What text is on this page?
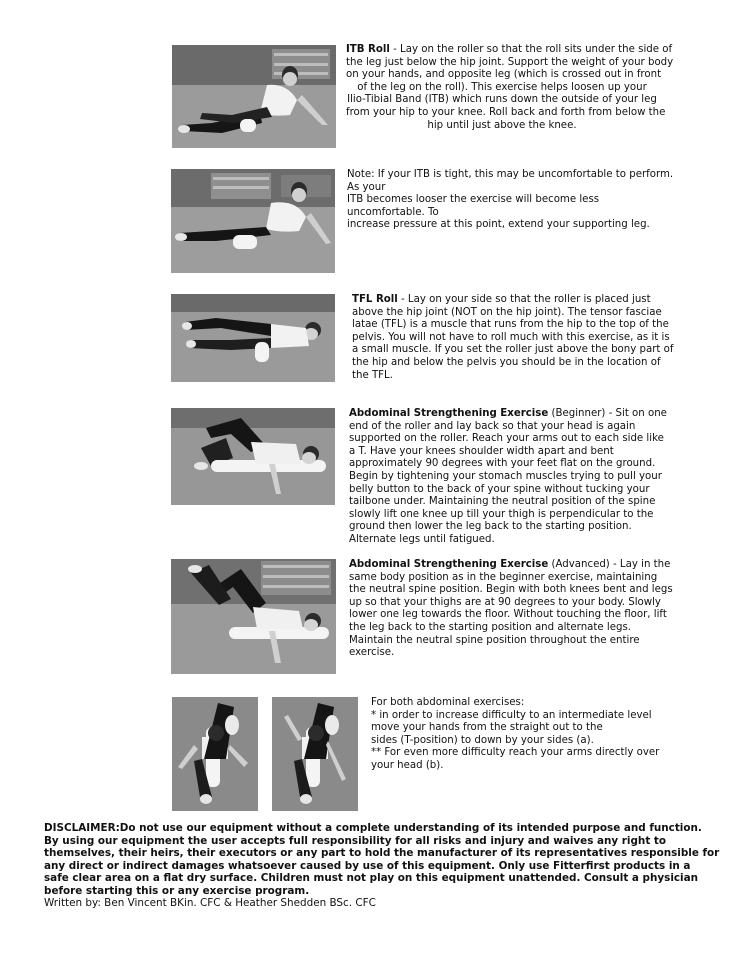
ITB Roll - Lay on the roller so that the roll sits under the side of
the leg just below the hip joint. Support the weight of your body
on your hands, and opposite leg (which is crossed out in front
of the leg on the roll). This exercise helps loosen up your
Ilio-Tibial Band (ITB) which runs down the outside of your leg
from your hip to your knee. Roll back and forth from below the
hip until just above the knee.
Note: If your ITB is tight, this may be uncomfortable to perform.
As your
ITB becomes looser the exercise will become less
uncomfortable. To
increase pressure at this point, extend your supporting leg.
TFL Roll - Lay on your side so that the roller is placed just
above the hip joint (NOT on the hip joint). The tensor fasciae
latae (TFL) is a muscle that runs from the hip to the top of the
pelvis. You will not have to roll much with this exercise, as it is
a small muscle. If you set the roller just above the bony part of
the hip and below the pelvis you should be in the location of
the TFL.
Abdominal Strengthening Exercise (Beginner) - Sit on one
end of the roller and lay back so that your head is again
supported on the roller. Reach your arms out to each side like
a T. Have your knees shoulder width apart and bent
approximately 90 degrees with your feet flat on the ground.
Begin by tightening your stomach muscles trying to pull your
belly button to the back of your spine without tucking your
tailbone under. Maintaining the neutral position of the spine
slowly lift one knee up till your thigh is perpendicular to the
ground then lower the leg back to the starting position.
Alternate legs until fatigued.
Abdominal Strengthening Exercise (Advanced) - Lay in the
same body position as in the beginner exercise, maintaining
the neutral spine position. Begin with both knees bent and legs
up so that your thighs are at 90 degrees to your body. Slowly
lower one leg towards the floor. Without touching the floor, lift
the leg back to the starting position and alternate legs.
Maintain the neutral spine position throughout the entire
exercise.
For both abdominal exercises:
* in order to increase difficulty to an intermediate level
move your hands from the straight out to the
sides (T-position) to down by your sides (a).
** For even more difficulty reach your arms directly over
your head (b).
DISCLAIMER:Do not use our equipment without a complete understanding of its intended purpose and function.
By using our equipment the user accepts full responsibility for all risks and injury and waives any right to
themselves, their heirs, their executors or any part to hold the manufacturer of its representatives responsible for
any direct or indirect damages whatsoever caused by use of this equipment. Only use Fitterfirst products in a
safe clear area on a flat dry surface. Children must not play on this equipment unattended. Consult a physician
before starting this or any exercise program.
Written by: Ben Vincent BKin. CFC & Heather Shedden BSc. CFC
